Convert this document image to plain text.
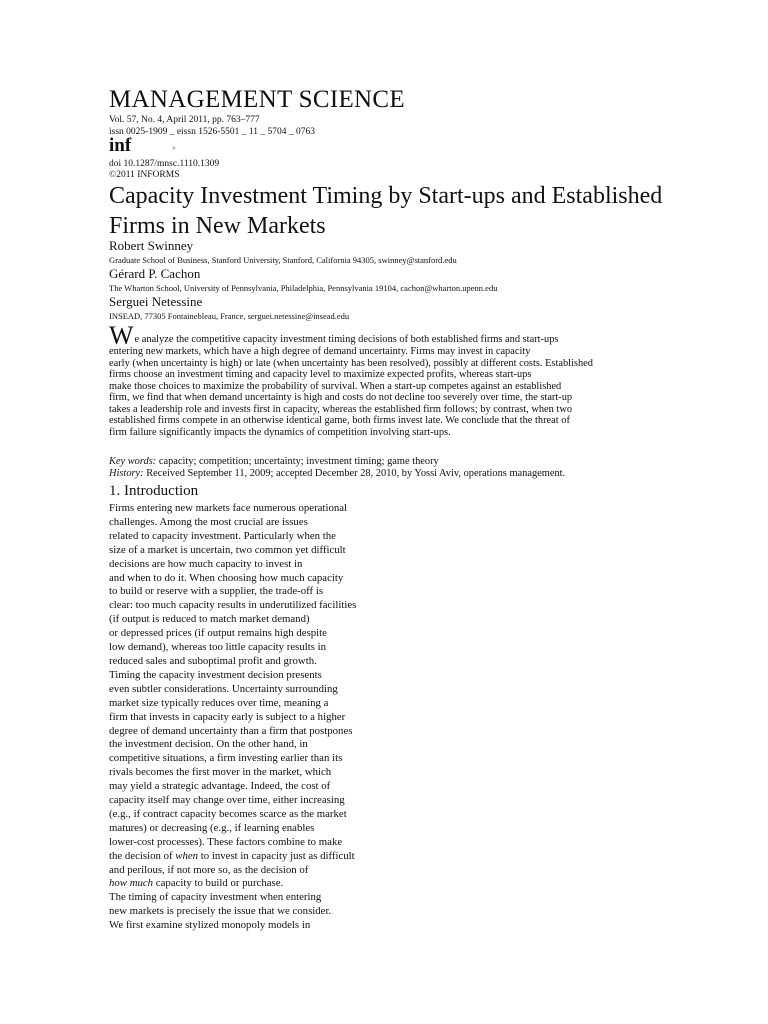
MANAGEMENT SCIENCE
Vol. 57, No. 4, April 2011, pp. 763–777
issn 0025-1909 _ eissn 1526-5501 _ 11 _ 5704 _ 0763
inf	®
doi 10.1287/mnsc.1110.1309
©2011 INFORMS
Capacity Investment Timing by Start-ups and Established Firms in New Markets
Robert Swinney
Graduate School of Business, Stanford University, Stanford, California 94305, swinney@stanford.edu
Gérard P. Cachon
The Wharton School, University of Pennsylvania, Philadelphia, Pennsylvania 19104, cachon@wharton.upenn.edu
Serguei Netessine
INSEAD, 77305 Fontainebleau, France, serguei.netessine@insead.edu
We analyze the competitive capacity investment timing decisions of both established firms and start-ups
entering new markets, which have a high degree of demand uncertainty. Firms may invest in capacity
early (when uncertainty is high) or late (when uncertainty has been resolved), possibly at different costs. Established
firms choose an investment timing and capacity level to maximize expected profits, whereas start-ups
make those choices to maximize the probability of survival. When a start-up competes against an established
firm, we find that when demand uncertainty is high and costs do not decline too severely over time, the start-up
takes a leadership role and invests first in capacity, whereas the established firm follows; by contrast, when two
established firms compete in an otherwise identical game, both firms invest late. We conclude that the threat of
firm failure significantly impacts the dynamics of competition involving start-ups.
Key words: capacity; competition; uncertainty; investment timing; game theory
History: Received September 11, 2009; accepted December 28, 2010, by Yossi Aviv, operations management.
1. Introduction
Firms entering new markets face numerous operational
challenges. Among the most crucial are issues
related to capacity investment. Particularly when the
size of a market is uncertain, two common yet difficult
decisions are how much capacity to invest in
and when to do it. When choosing how much capacity
to build or reserve with a supplier, the trade-off is
clear: too much capacity results in underutilized facilities
(if output is reduced to match market demand)
or depressed prices (if output remains high despite
low demand), whereas too little capacity results in
reduced sales and suboptimal profit and growth.
Timing the capacity investment decision presents
even subtler considerations. Uncertainty surrounding
market size typically reduces over time, meaning a
firm that invests in capacity early is subject to a higher
degree of demand uncertainty than a firm that postpones
the investment decision. On the other hand, in
competitive situations, a firm investing earlier than its
rivals becomes the first mover in the market, which
may yield a strategic advantage. Indeed, the cost of
capacity itself may change over time, either increasing
(e.g., if contract capacity becomes scarce as the market
matures) or decreasing (e.g., if learning enables
lower-cost processes). These factors combine to make
the decision of when to invest in capacity just as difficult
and perilous, if not more so, as the decision of
how much capacity to build or purchase.
The timing of capacity investment when entering
new markets is precisely the issue that we consider.
We first examine stylized monopoly models in
